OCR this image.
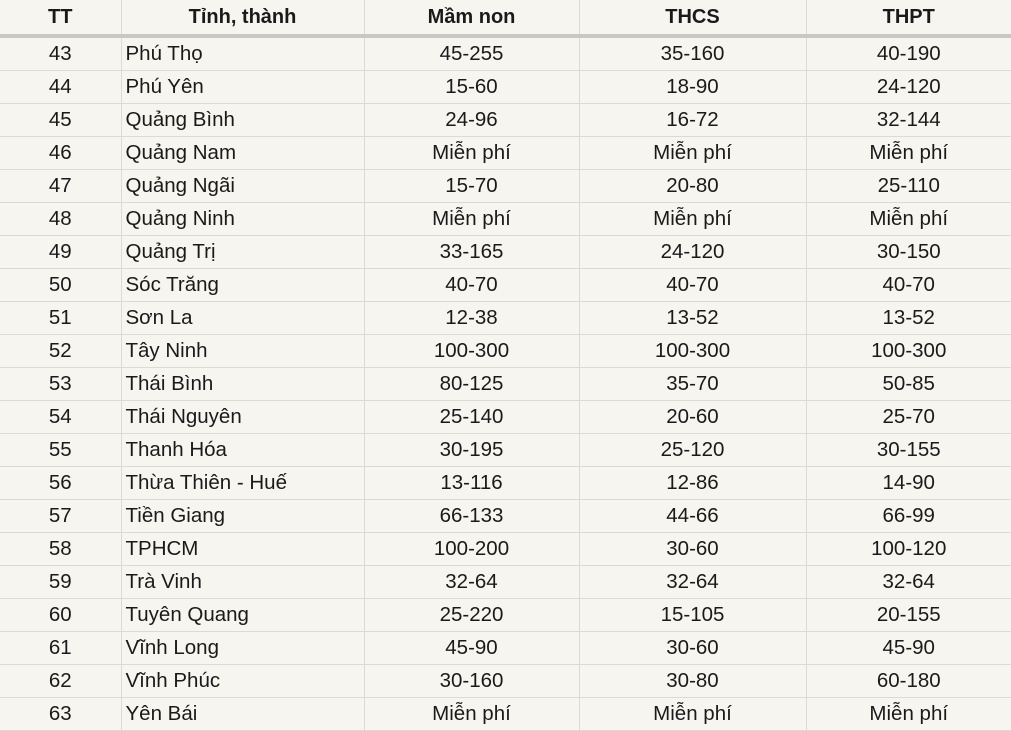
TT	Tỉnh, thành	Mầm non	THCS	THPT
43	Phú Thọ	45-255	35-160	40-190
44	Phú Yên	15-60	18-90	24-120
45	Quảng Bình	24-96	16-72	32-144
46	Quảng Nam	Miễn phí	Miễn phí	Miễn phí
47	Quảng Ngãi	15-70	20-80	25-110
48	Quảng Ninh	Miễn phí	Miễn phí	Miễn phí
49	Quảng Trị	33-165	24-120	30-150
50	Sóc Trăng	40-70	40-70	40-70
51	Sơn La	12-38	13-52	13-52
52	Tây Ninh	100-300	100-300	100-300
53	Thái Bình	80-125	35-70	50-85
54	Thái Nguyên	25-140	20-60	25-70
55	Thanh Hóa	30-195	25-120	30-155
56	Thừa Thiên - Huế	13-116	12-86	14-90
57	Tiền Giang	66-133	44-66	66-99
58	TPHCM	100-200	30-60	100-120
59	Trà Vinh	32-64	32-64	32-64
60	Tuyên Quang	25-220	15-105	20-155
61	Vĩnh Long	45-90	30-60	45-90
62	Vĩnh Phúc	30-160	30-80	60-180
63	Yên Bái	Miễn phí	Miễn phí	Miễn phí
